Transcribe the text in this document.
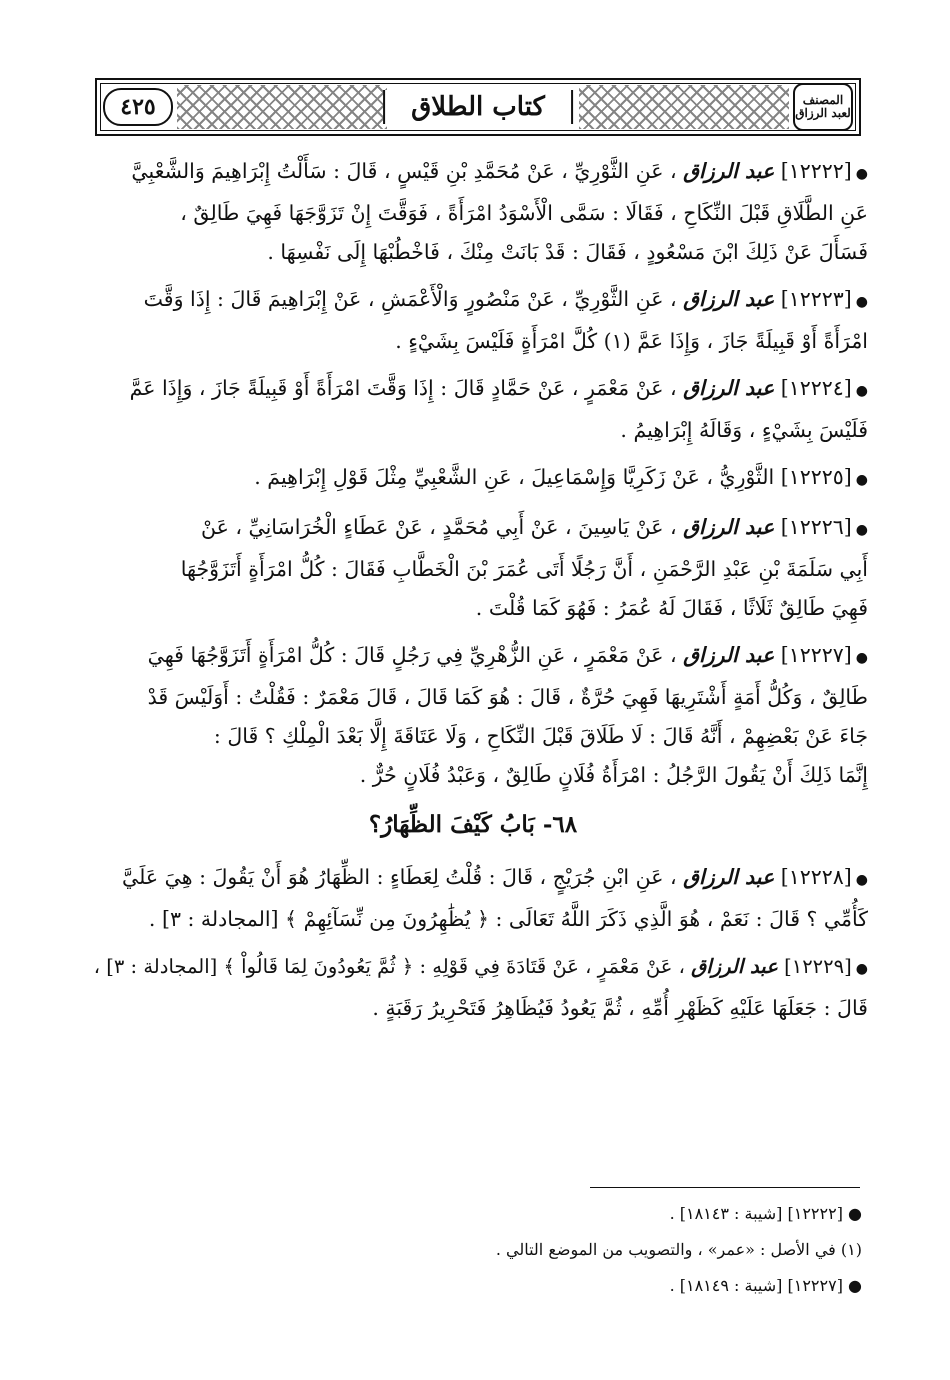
المصنف لعبد الرزاق
كتاب الطلاق
٤٢٥
●[١٢٢٢٢] عبد الرزاق ، عَنِ الثَّوْرِيِّ ، عَنْ مُحَمَّدِ بْنِ قَيْسٍ ، قَالَ : سَأَلْتُ إِبْرَاهِيمَ وَالشَّعْبِيَّ
عَنِ الطَّلَاقِ قَبْلَ النِّكَاحِ ، فَقَالَا : سَمَّى الْأَسْوَدُ امْرَأَةً ، فَوَقَّتَ إِنْ تَزَوَّجَهَا فَهِيَ طَالِقٌ ،
فَسَأَلَ عَنْ ذَلِكَ ابْنَ مَسْعُودٍ ، فَقَالَ : قَدْ بَانَتْ مِنْكَ ، فَاخْطُبْهَا إِلَى نَفْسِهَا .
●[١٢٢٢٣] عبد الرزاق ، عَنِ الثَّوْرِيِّ ، عَنْ مَنْصُورٍ وَالْأَعْمَشِ ، عَنْ إِبْرَاهِيمَ قَالَ : إِذَا وَقَّتَ
امْرَأَةً أَوْ قَبِيلَةً جَازَ ، وَإِذَا عَمَّ (١) كُلَّ امْرَأَةٍ فَلَيْسَ بِشَيْءٍ .
●[١٢٢٢٤] عبد الرزاق ، عَنْ مَعْمَرٍ ، عَنْ حَمَّادٍ قَالَ : إِذَا وَقَّتَ امْرَأَةً أَوْ قَبِيلَةً جَازَ ، وَإِذَا عَمَّ
فَلَيْسَ بِشَيْءٍ ، وَقَالَهُ إِبْرَاهِيمُ .
●[١٢٢٢٥] الثَّوْرِيُّ ، عَنْ زَكَرِيَّا وَإِسْمَاعِيلَ ، عَنِ الشَّعْبِيِّ مِثْلَ قَوْلِ إِبْرَاهِيمَ .
●[١٢٢٢٦] عبد الرزاق ، عَنْ يَاسِينَ ، عَنْ أَبِي مُحَمَّدٍ ، عَنْ عَطَاءٍ الْخُرَاسَانِيِّ ، عَنْ
أَبِي سَلَمَةَ بْنِ عَبْدِ الرَّحْمَنِ ، أَنَّ رَجُلًا أَتَى عُمَرَ بْنَ الْخَطَّابِ فَقَالَ : كُلُّ امْرَأَةٍ أَتَزَوَّجُهَا
فَهِيَ طَالِقٌ ثَلَاثًا ، فَقَالَ لَهُ عُمَرُ : فَهُوَ كَمَا قُلْتَ .
●[١٢٢٢٧] عبد الرزاق ، عَنْ مَعْمَرٍ ، عَنِ الزُّهْرِيِّ فِي رَجُلٍ قَالَ : كُلُّ امْرَأَةٍ أَتَزَوَّجُهَا فَهِيَ
طَالِقٌ ، وَكُلُّ أَمَةٍ أَشْتَرِيهَا فَهِيَ حُرَّةٌ ، قَالَ : هُوَ كَمَا قَالَ ، قَالَ مَعْمَرٌ : فَقُلْتُ : أَوَلَيْسَ قَدْ
جَاءَ عَنْ بَعْضِهِمْ ، أَنَّهُ قَالَ : لَا طَلَاقَ قَبْلَ النِّكَاحِ ، وَلَا عَتَاقَةَ إِلَّا بَعْدَ الْمِلْكِ ؟ قَالَ :
إِنَّمَا ذَلِكَ أَنْ يَقُولَ الرَّجُلُ : امْرَأَةُ فُلَانٍ طَالِقٌ ، وَعَبْدُ فُلَانٍ حُرٌّ .
٦٨- بَابُ كَيْفَ الظِّهَارُ؟
●[١٢٢٢٨] عبد الرزاق ، عَنِ ابْنِ جُرَيْجٍ ، قَالَ : قُلْتُ لِعَطَاءٍ : الظِّهَارُ هُوَ أَنْ يَقُولَ : هِيَ عَلَيَّ
كَأُمِّي ؟ قَالَ : نَعَمْ ، هُوَ الَّذِي ذَكَرَ اللَّهُ تَعَالَى : ﴿ يُظَٰهِرُونَ مِن نِّسَآئِهِمْ ﴾ [المجادلة : ٣] .
●[١٢٢٢٩] عبد الرزاق ، عَنْ مَعْمَرٍ ، عَنْ قَتَادَةَ فِي قَوْلِهِ : ﴿ ثُمَّ يَعُودُونَ لِمَا قَالُواْ ﴾ [المجادلة : ٣] ،
قَالَ : جَعَلَهَا عَلَيْهِ كَظَهْرِ أُمِّهِ ، ثُمَّ يَعُودُ فَيُظَاهِرُ فَتَحْرِيرُ رَقَبَةٍ .
● [١٢٢٢٢] [شيبة : ١٨١٤٣] .
(١) في الأصل : «عمر» ، والتصويب من الموضع التالي .
● [١٢٢٢٧] [شيبة : ١٨١٤٩] .
